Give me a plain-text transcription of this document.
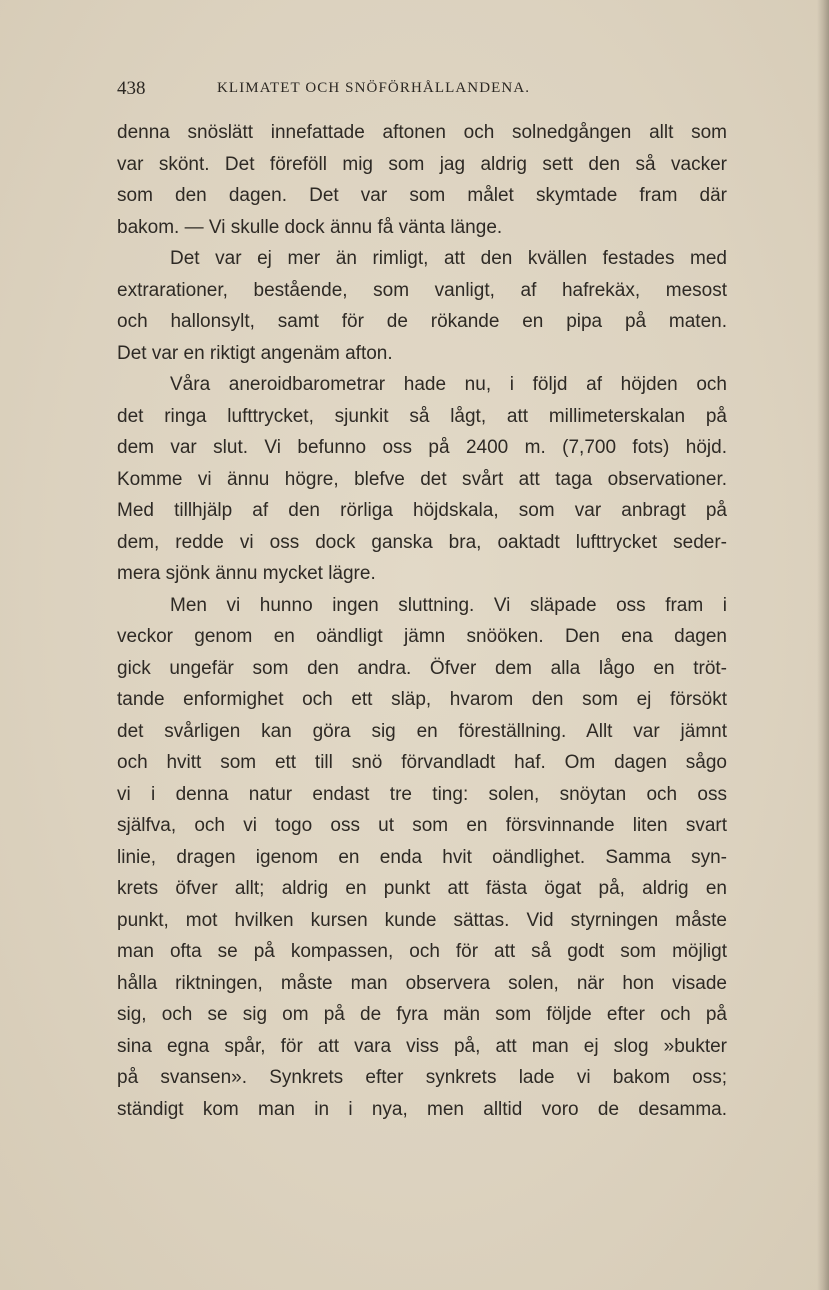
438	KLIMATET OCH SNÖFÖRHÅLLANDENA.
denna snöslätt innefattade aftonen och solnedgången allt som
var skönt. Det föreföll mig som jag aldrig sett den så vacker
som den dagen. Det var som målet skymtade fram där
bakom. — Vi skulle dock ännu få vänta länge.
Det var ej mer än rimligt, att den kvällen festades med
extrarationer, bestående, som vanligt, af hafrekäx, mesost
och hallonsylt, samt för de rökande en pipa på maten.
Det var en riktigt angenäm afton.
Våra aneroidbarometrar hade nu, i följd af höjden och
det ringa lufttrycket, sjunkit så lågt, att millimeterskalan på
dem var slut. Vi befunno oss på 2400 m. (7,700 fots) höjd.
Komme vi ännu högre, blefve det svårt att taga observationer.
Med tillhjälp af den rörliga höjdskala, som var anbragt på
dem, redde vi oss dock ganska bra, oaktadt lufttrycket seder-
mera sjönk ännu mycket lägre.
Men vi hunno ingen sluttning. Vi släpade oss fram i
veckor genom en oändligt jämn snööken. Den ena dagen
gick ungefär som den andra. Öfver dem alla lågo en tröt-
tande enformighet och ett släp, hvarom den som ej försökt
det svårligen kan göra sig en föreställning. Allt var jämnt
och hvitt som ett till snö förvandladt haf. Om dagen sågo
vi i denna natur endast tre ting: solen, snöytan och oss
själfva, och vi togo oss ut som en försvinnande liten svart
linie, dragen igenom en enda hvit oändlighet. Samma syn-
krets öfver allt; aldrig en punkt att fästa ögat på, aldrig en
punkt, mot hvilken kursen kunde sättas. Vid styrningen måste
man ofta se på kompassen, och för att så godt som möjligt
hålla riktningen, måste man observera solen, när hon visade
sig, och se sig om på de fyra män som följde efter och på
sina egna spår, för att vara viss på, att man ej slog »bukter
på svansen». Synkrets efter synkrets lade vi bakom oss;
ständigt kom man in i nya, men alltid voro de desamma.
